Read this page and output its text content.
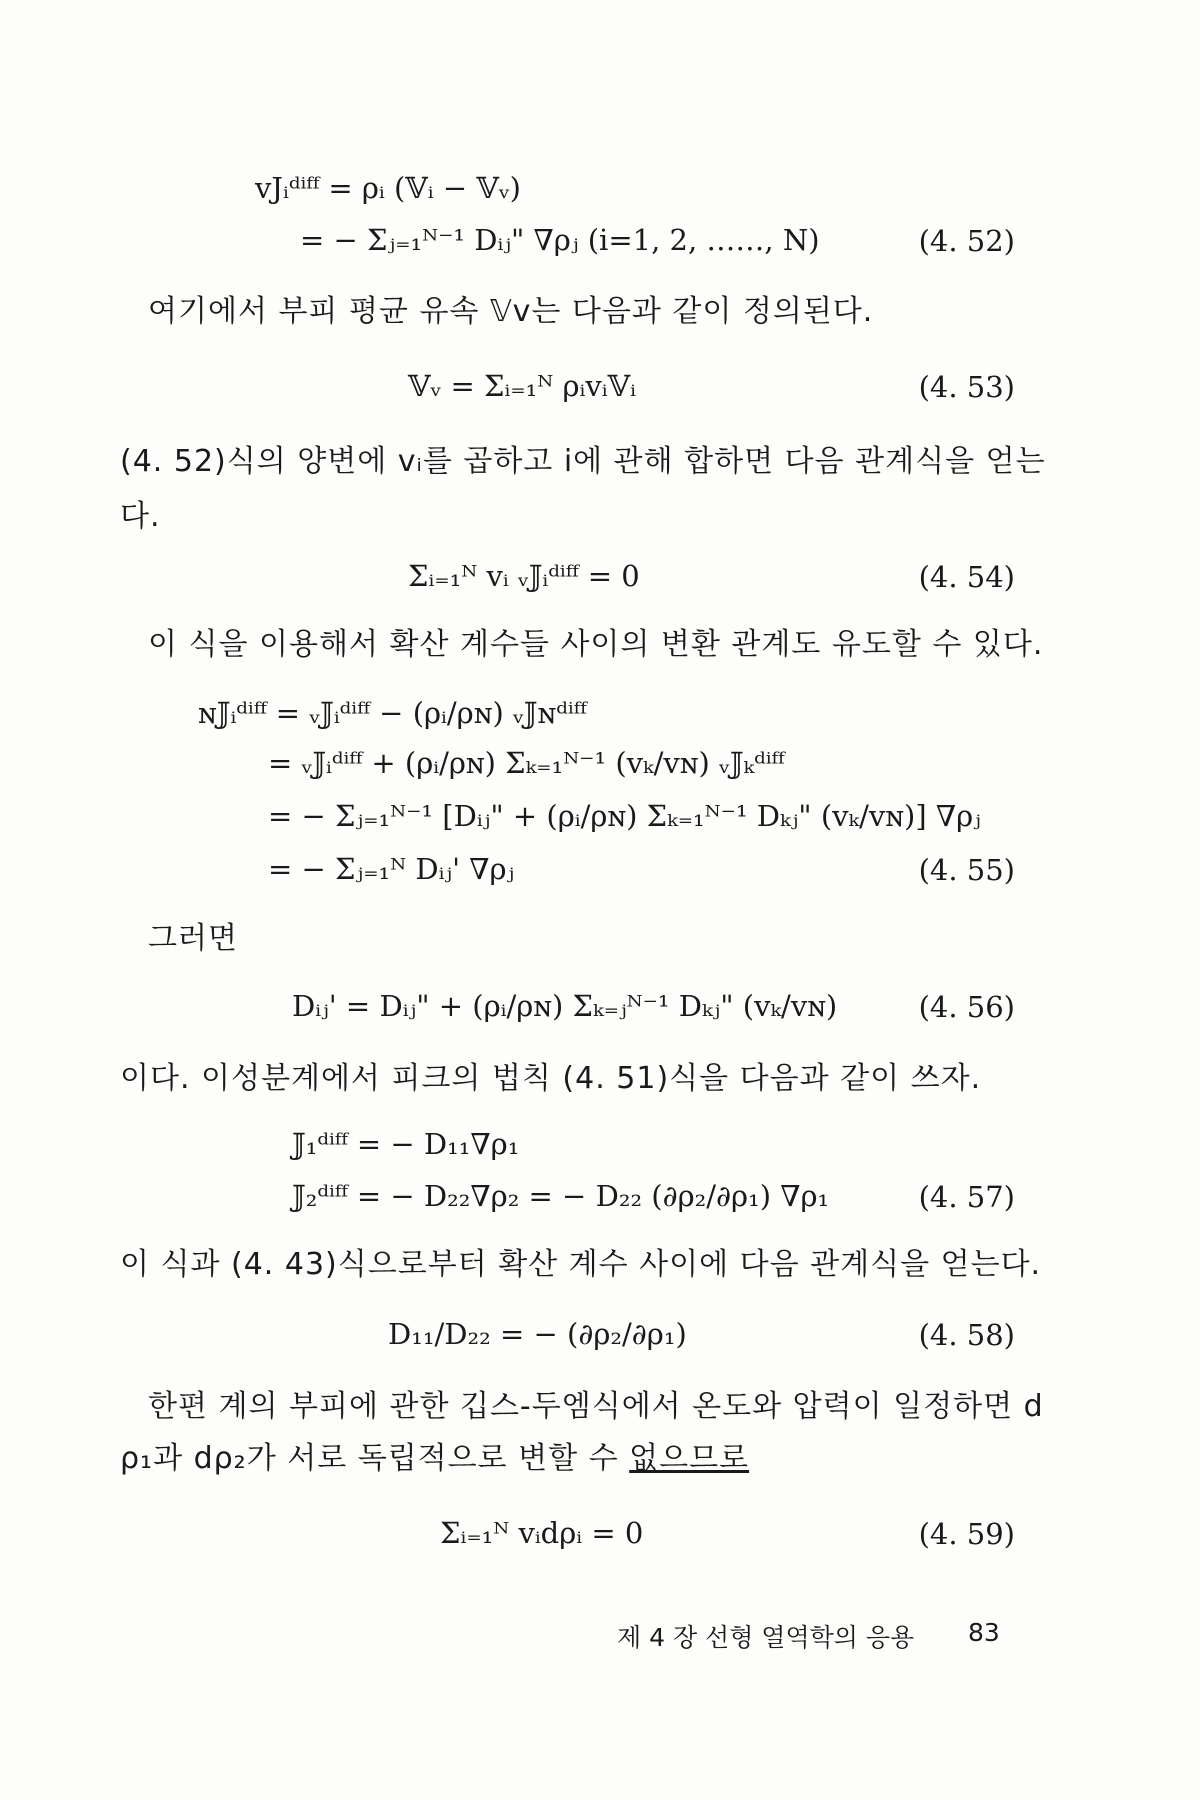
vJᵢᵈⁱᶠᶠ = ρᵢ (𝕍ᵢ − 𝕍ᵥ)
= − Σⱼ₌₁ᴺ⁻¹ Dᵢⱼ" ∇ρⱼ (i=1, 2, ……, N)	(4. 52)
여기에서 부피 평균 유속 𝕍v는 다음과 같이 정의된다.
𝕍ᵥ = Σᵢ₌₁ᴺ ρᵢvᵢ𝕍ᵢ	(4. 53)
(4. 52)식의 양변에 vᵢ를 곱하고 i에 관해 합하면 다음 관계식을 얻는
다.
Σᵢ₌₁ᴺ vᵢ ᵥ𝕁ᵢᵈⁱᶠᶠ = 0	(4. 54)
이 식을 이용해서 확산 계수들 사이의 변환 관계도 유도할 수 있다.
ɴ𝕁ᵢᵈⁱᶠᶠ = ᵥ𝕁ᵢᵈⁱᶠᶠ − (ρᵢ/ρɴ) ᵥ𝕁ɴᵈⁱᶠᶠ
= ᵥ𝕁ᵢᵈⁱᶠᶠ + (ρᵢ/ρɴ) Σₖ₌₁ᴺ⁻¹ (vₖ/vɴ) ᵥ𝕁ₖᵈⁱᶠᶠ
= − Σⱼ₌₁ᴺ⁻¹ [Dᵢⱼ" + (ρᵢ/ρɴ) Σₖ₌₁ᴺ⁻¹ Dₖⱼ" (vₖ/vɴ)] ∇ρⱼ
= − Σⱼ₌₁ᴺ Dᵢⱼ' ∇ρⱼ	(4. 55)
그러면
Dᵢⱼ' = Dᵢⱼ" + (ρᵢ/ρɴ) Σₖ₌ⱼᴺ⁻¹ Dₖⱼ" (vₖ/vɴ)	(4. 56)
이다. 이성분계에서 피크의 법칙 (4. 51)식을 다음과 같이 쓰자.
𝕁₁ᵈⁱᶠᶠ = − D₁₁∇ρ₁
𝕁₂ᵈⁱᶠᶠ = − D₂₂∇ρ₂ = − D₂₂ (∂ρ₂/∂ρ₁) ∇ρ₁	(4. 57)
이 식과 (4. 43)식으로부터 확산 계수 사이에 다음 관계식을 얻는다.
D₁₁/D₂₂ = − (∂ρ₂/∂ρ₁)	(4. 58)
한편 계의 부피에 관한 깁스-두엠식에서 온도와 압력이 일정하면 d
ρ₁과 dρ₂가 서로 독립적으로 변할 수 없으므로
Σᵢ₌₁ᴺ vᵢdρᵢ = 0	(4. 59)
제 4 장 선형 열역학의 응용 83
